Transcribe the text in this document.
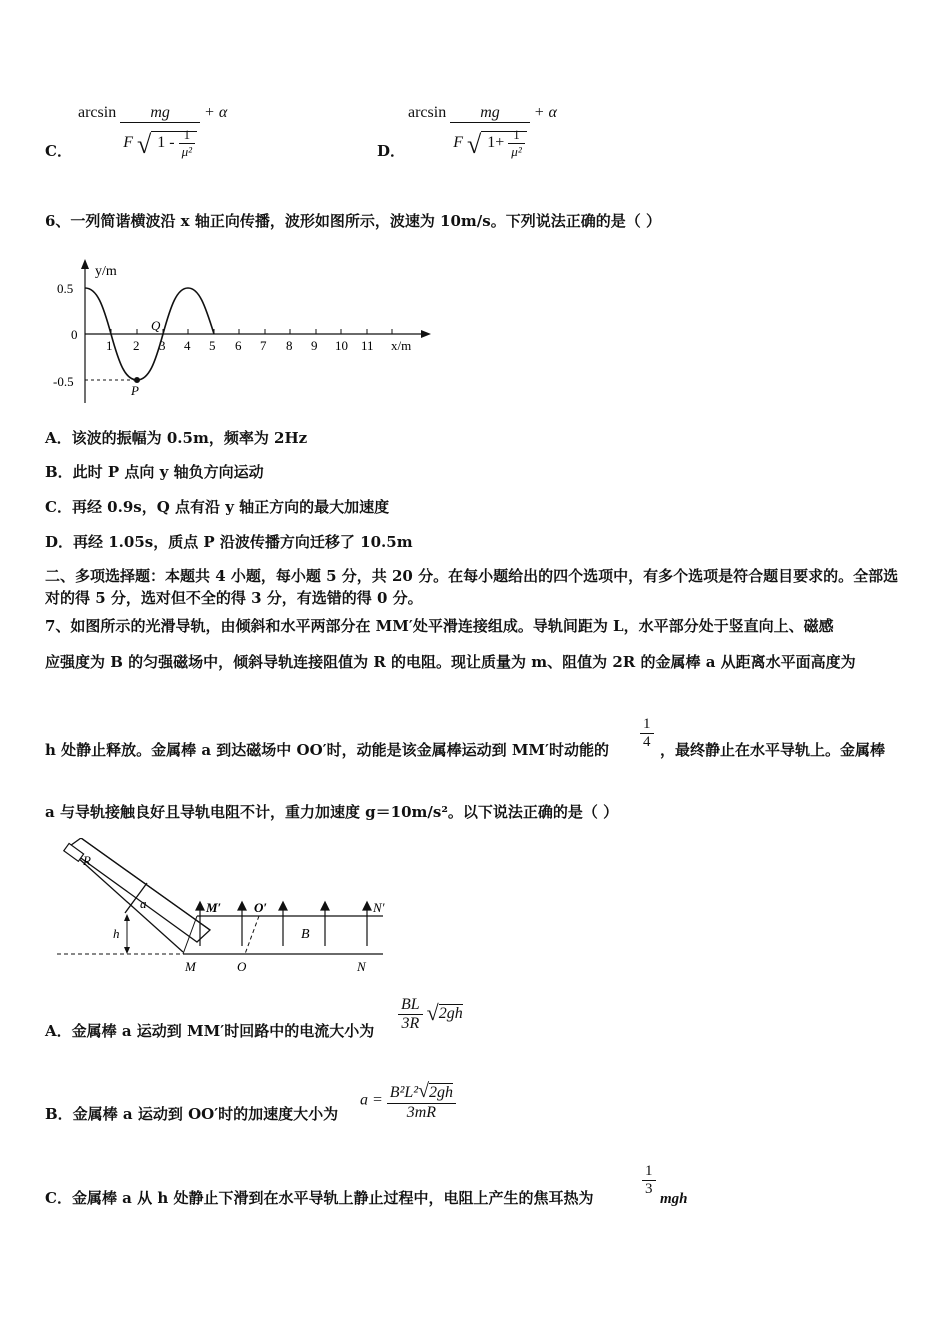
C．
$\arcsin \frac{mg}{F √ 1 - \frac{1}{\text{μ²}}} + \alpha$
D．
$\arcsin \frac{mg}{F √ 1+ \frac{1}{\text{μ²}}} + \alpha$
6、一列简谐横波沿 x 轴正向传播，波形如图所示，波速为 10m/s。下列说法正确的是（ ）
y/m
x/m
0.5
0
-0.5
1 2 3 4 5 6 7 8 9 10 11
P
Q
A．该波的振幅为 0.5m，频率为 2Hz
B．此时 P 点向 y 轴负方向运动
C．再经 0.9s，Q 点有沿 y 轴正方向的最大加速度
D．再经 1.05s，质点 P 沿波传播方向迁移了 10.5m
二、多项选择题：本题共 4 小题，每小题 5 分，共 20 分。在每小题给出的四个选项中，有多个选项是符合题目要求的。全部选对的得 5 分，选对但不全的得 3 分，有选错的得 0 分。
7、如图所示的光滑导轨，由倾斜和水平两部分在 MM′处平滑连接组成。导轨间距为 L，水平部分处于竖直向上、磁感
应强度为 B 的匀强磁场中，倾斜导轨连接阻值为 R 的电阻。现让质量为 m、阻值为 2R 的金属棒 a 从距离水平面高度为
h 处静止释放。金属棒 a 到达磁场中 OO′时，动能是该金属棒运动到 MM′时动能的 $\frac{1}{4}$ ，最终静止在水平导轨上。金属棒
a 与导轨接触良好且导轨电阻不计，重力加速度 g＝10m/s²。以下说法正确的是（ ）
R
a
h
M′	O′	N′
B
M	O	N
A．金属棒 a 运动到 MM′时回路中的电流大小为 $\frac{BL}{3R} √2gh$
B．金属棒 a 运动到 OO′时的加速度大小为
$a = \frac{\text{B²L²√2gh}}{3mR}$
C．金属棒 a 从 h 处静止下滑到在水平导轨上静止过程中，电阻上产生的焦耳热为	$\frac{1}{3}$
mgh
